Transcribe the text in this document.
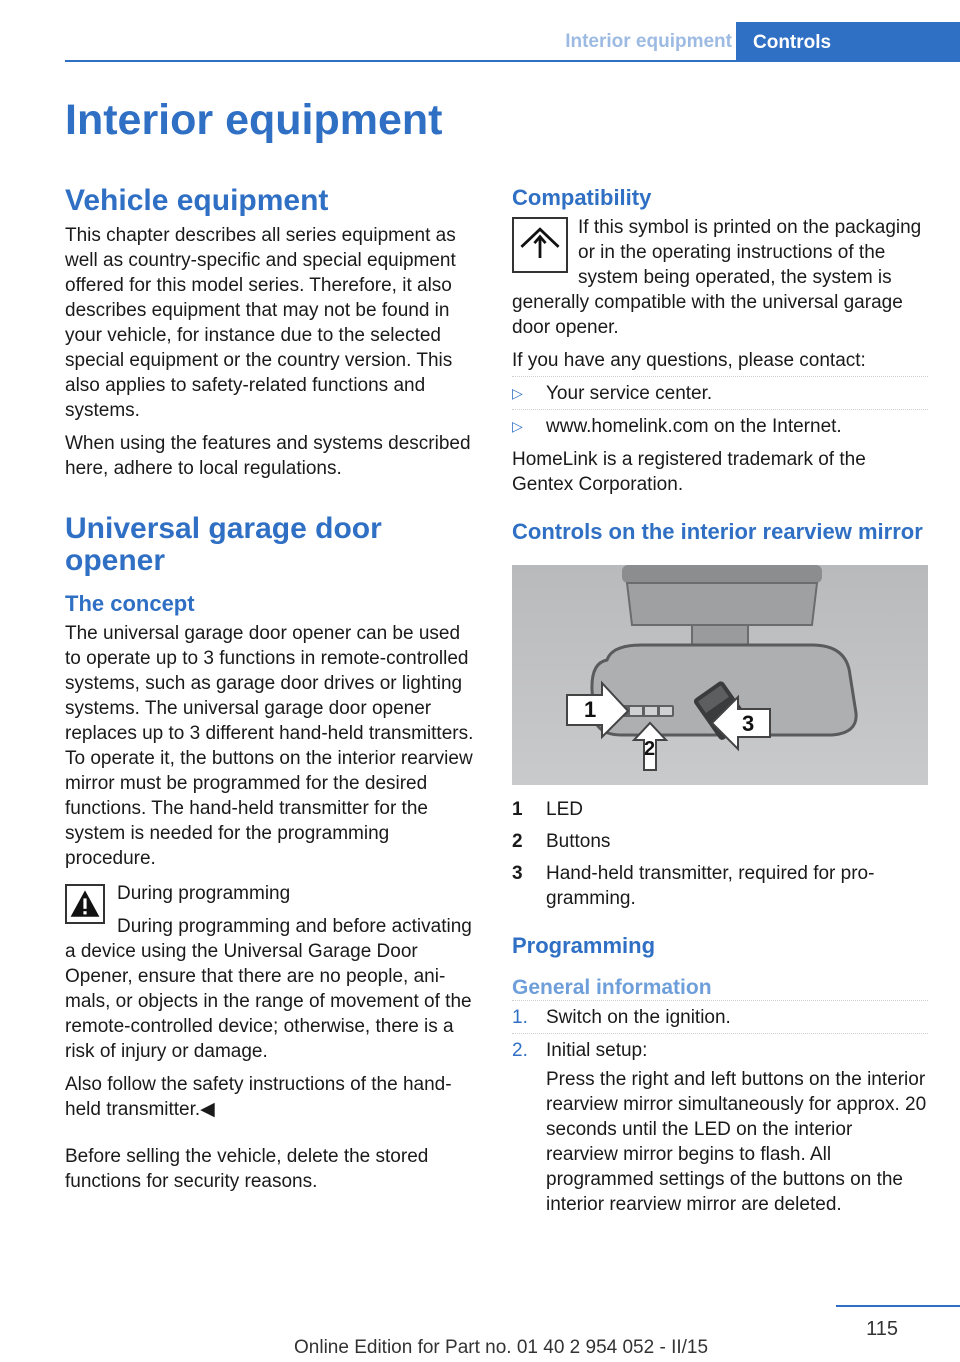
Interior equipment	Controls
Interior equipment
Vehicle equipment

This chapter describes all series equipment as well as country-specific and special equipment offered for this model series. Therefore, it also describes equipment that may not be found in your vehicle, for instance due to the selected special equipment or the country version. This also applies to safety-related functions and systems.

When using the features and systems described here, adhere to local regulations.

Universal garage door opener
The concept

The universal garage door opener can be used to operate up to 3 functions in remote-controlled systems, such as garage door drives or lighting systems. The universal garage door opener replaces up to 3 different hand-held transmitters. To operate it, the buttons on the interior rearview mirror must be programmed for the desired functions. The hand-held transmitter for the system is needed for the programming procedure.

During programming

During programming and before activating a device using the Universal Garage Door Opener, ensure that there are no people, animals, or objects in the range of movement of the remote-controlled device; otherwise, there is a risk of injury or damage.

Also follow the safety instructions of the hand-held transmitter.◀

Before selling the vehicle, delete the stored functions for security reasons.

Compatibility

If this symbol is printed on the packaging or in the operating instructions of the system being operated, the system is generally compatible with the universal garage door opener.

If you have any questions, please contact:

▷ Your service center.
▷ www.homelink.com on the Internet.

HomeLink is a registered trademark of the Gentex Corporation.

Controls on the interior rearview mirror
1
2
3
1	LED
2	Buttons
3	Hand-held transmitter, required for programming.
Programming
General information
1. Switch on the ignition.
2. Initial setup:

Press the right and left buttons on the interior rearview mirror simultaneously for approx. 20 seconds until the LED on the interior rearview mirror begins to flash. All programmed settings of the buttons on the interior rearview mirror are deleted.

115
Online Edition for Part no. 01 40 2 954 052 - II/15
